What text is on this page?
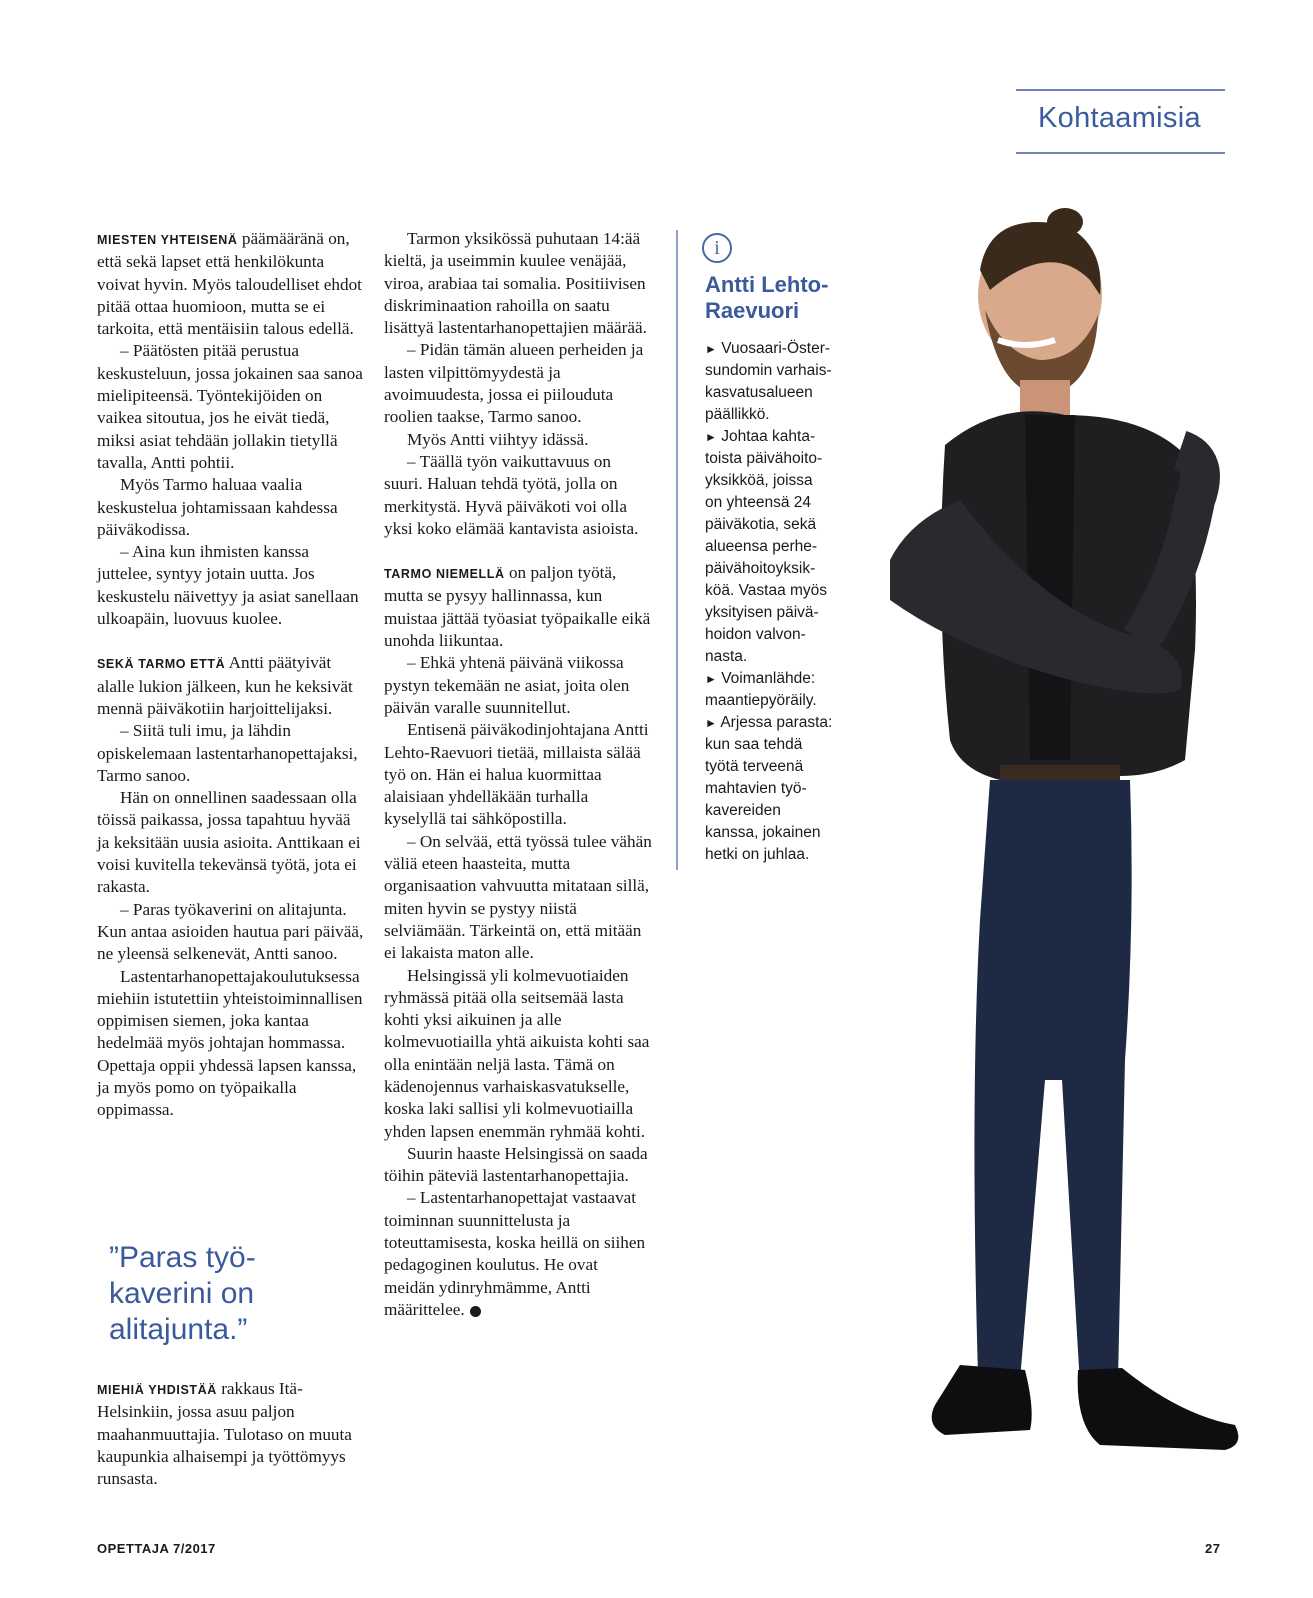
Kohtaamisia

MIESTEN YHTEISENÄ päämääränä on, että sekä lapset että henkilökunta voivat hyvin. Myös taloudelliset ehdot pitää ottaa huomioon, mutta se ei tarkoita, että mentäisiin talous edellä.

– Päätösten pitää perustua keskusteluun, jossa jokainen saa sanoa mielipiteensä. Työntekijöiden on vaikea sitoutua, jos he eivät tiedä, miksi asiat tehdään jollakin tietyllä tavalla, Antti pohtii.

Myös Tarmo haluaa vaalia keskustelua johtamissaan kahdessa päiväkodissa.

– Aina kun ihmisten kanssa juttelee, syntyy jotain uutta. Jos keskustelu näivettyy ja asiat sanellaan ulkoapäin, luovuus kuolee.

SEKÄ TARMO ETTÄ Antti päätyivät alalle lukion jälkeen, kun he keksivät mennä päiväkotiin harjoittelijaksi.

– Siitä tuli imu, ja lähdin opiskelemaan lastentarhanopettajaksi, Tarmo sanoo.

Hän on onnellinen saadessaan olla töissä paikassa, jossa tapahtuu hyvää ja keksitään uusia asioita. Anttikaan ei voisi kuvitella tekevänsä työtä, jota ei rakasta.

– Paras työkaverini on alitajunta. Kun antaa asioiden hautua pari päivää, ne yleensä selkenevät, Antti sanoo.

Lastentarhanopettajakoulutuksessa miehiin istutettiin yhteistoiminnallisen oppimisen siemen, joka kantaa hedelmää myös johtajan hommassa. Opettaja oppii yhdessä lapsen kanssa, ja myös pomo on työpaikalla oppimassa.

”Paras työ-
kaverini on
alitajunta.”

MIEHIÄ YHDISTÄÄ rakkaus Itä-Helsinkiin, jossa asuu paljon maahanmuuttajia. Tulotaso on muuta kaupunkia alhaisempi ja työttömyys runsasta.

Tarmon yksikössä puhutaan 14:ää kieltä, ja useimmin kuulee venäjää, viroa, arabiaa tai somalia. Positiivisen diskriminaation rahoilla on saatu lisättyä lastentarhanopettajien määrää.

– Pidän tämän alueen perheiden ja lasten vilpittömyydestä ja avoimuudesta, jossa ei piilouduta roolien taakse, Tarmo sanoo.

Myös Antti viihtyy idässä.

– Täällä työn vaikuttavuus on suuri. Haluan tehdä työtä, jolla on merkitystä. Hyvä päiväkoti voi olla yksi koko elämää kantavista asioista.

TARMO NIEMELLÄ on paljon työtä, mutta se pysyy hallinnassa, kun muistaa jättää työasiat työpaikalle eikä unohda liikuntaa.

– Ehkä yhtenä päivänä viikossa pystyn tekemään ne asiat, joita olen päivän varalle suunnitellut.

Entisenä päiväkodinjohtajana Antti Lehto-Raevuori tietää, millaista sälää työ on. Hän ei halua kuormittaa alaisiaan yhdelläkään turhalla kyselyllä tai sähköpostilla.

– On selvää, että työssä tulee vähän väliä eteen haasteita, mutta organisaation vahvuutta mitataan sillä, miten hyvin se pystyy niistä selviämään. Tärkeintä on, että mitään ei lakaista maton alle.

Helsingissä yli kolmevuotiaiden ryhmässä pitää olla seitsemää lasta kohti yksi aikuinen ja alle kolmevuotiailla yhtä aikuista kohti saa olla enintään neljä lasta. Tämä on kädenojennus varhaiskasvatukselle, koska laki sallisi yli kolmevuotiailla yhden lapsen enemmän ryhmää kohti.

Suurin haaste Helsingissä on saada töihin päteviä lastentarhanopettajia.

– Lastentarhanopettajat vastaavat toiminnan suunnittelusta ja toteuttamisesta, koska heillä on siihen pedagoginen koulutus. He ovat meidän ydinryhmämme, Antti määrittelee.

i
Antti Lehto-
Raevuori
► Vuosaari-Öster-
sundomin varhais-
kasvatusalueen
päällikkö.
► Johtaa kahta-
toista päivähoito-
yksikköä, joissa
on yhteensä 24
päiväkotia, sekä
alueensa perhe-
päivähoitoyksik-
köä. Vastaa myös
yksityisen päivä-
hoidon valvon-
nasta.
► Voimanlähde:
maantiepyöräily.
► Arjessa parasta:
kun saa tehdä
työtä terveenä
mahtavien työ-
kavereiden
kanssa, jokainen
hetki on juhlaa.
OPETTAJA 7/2017	27
